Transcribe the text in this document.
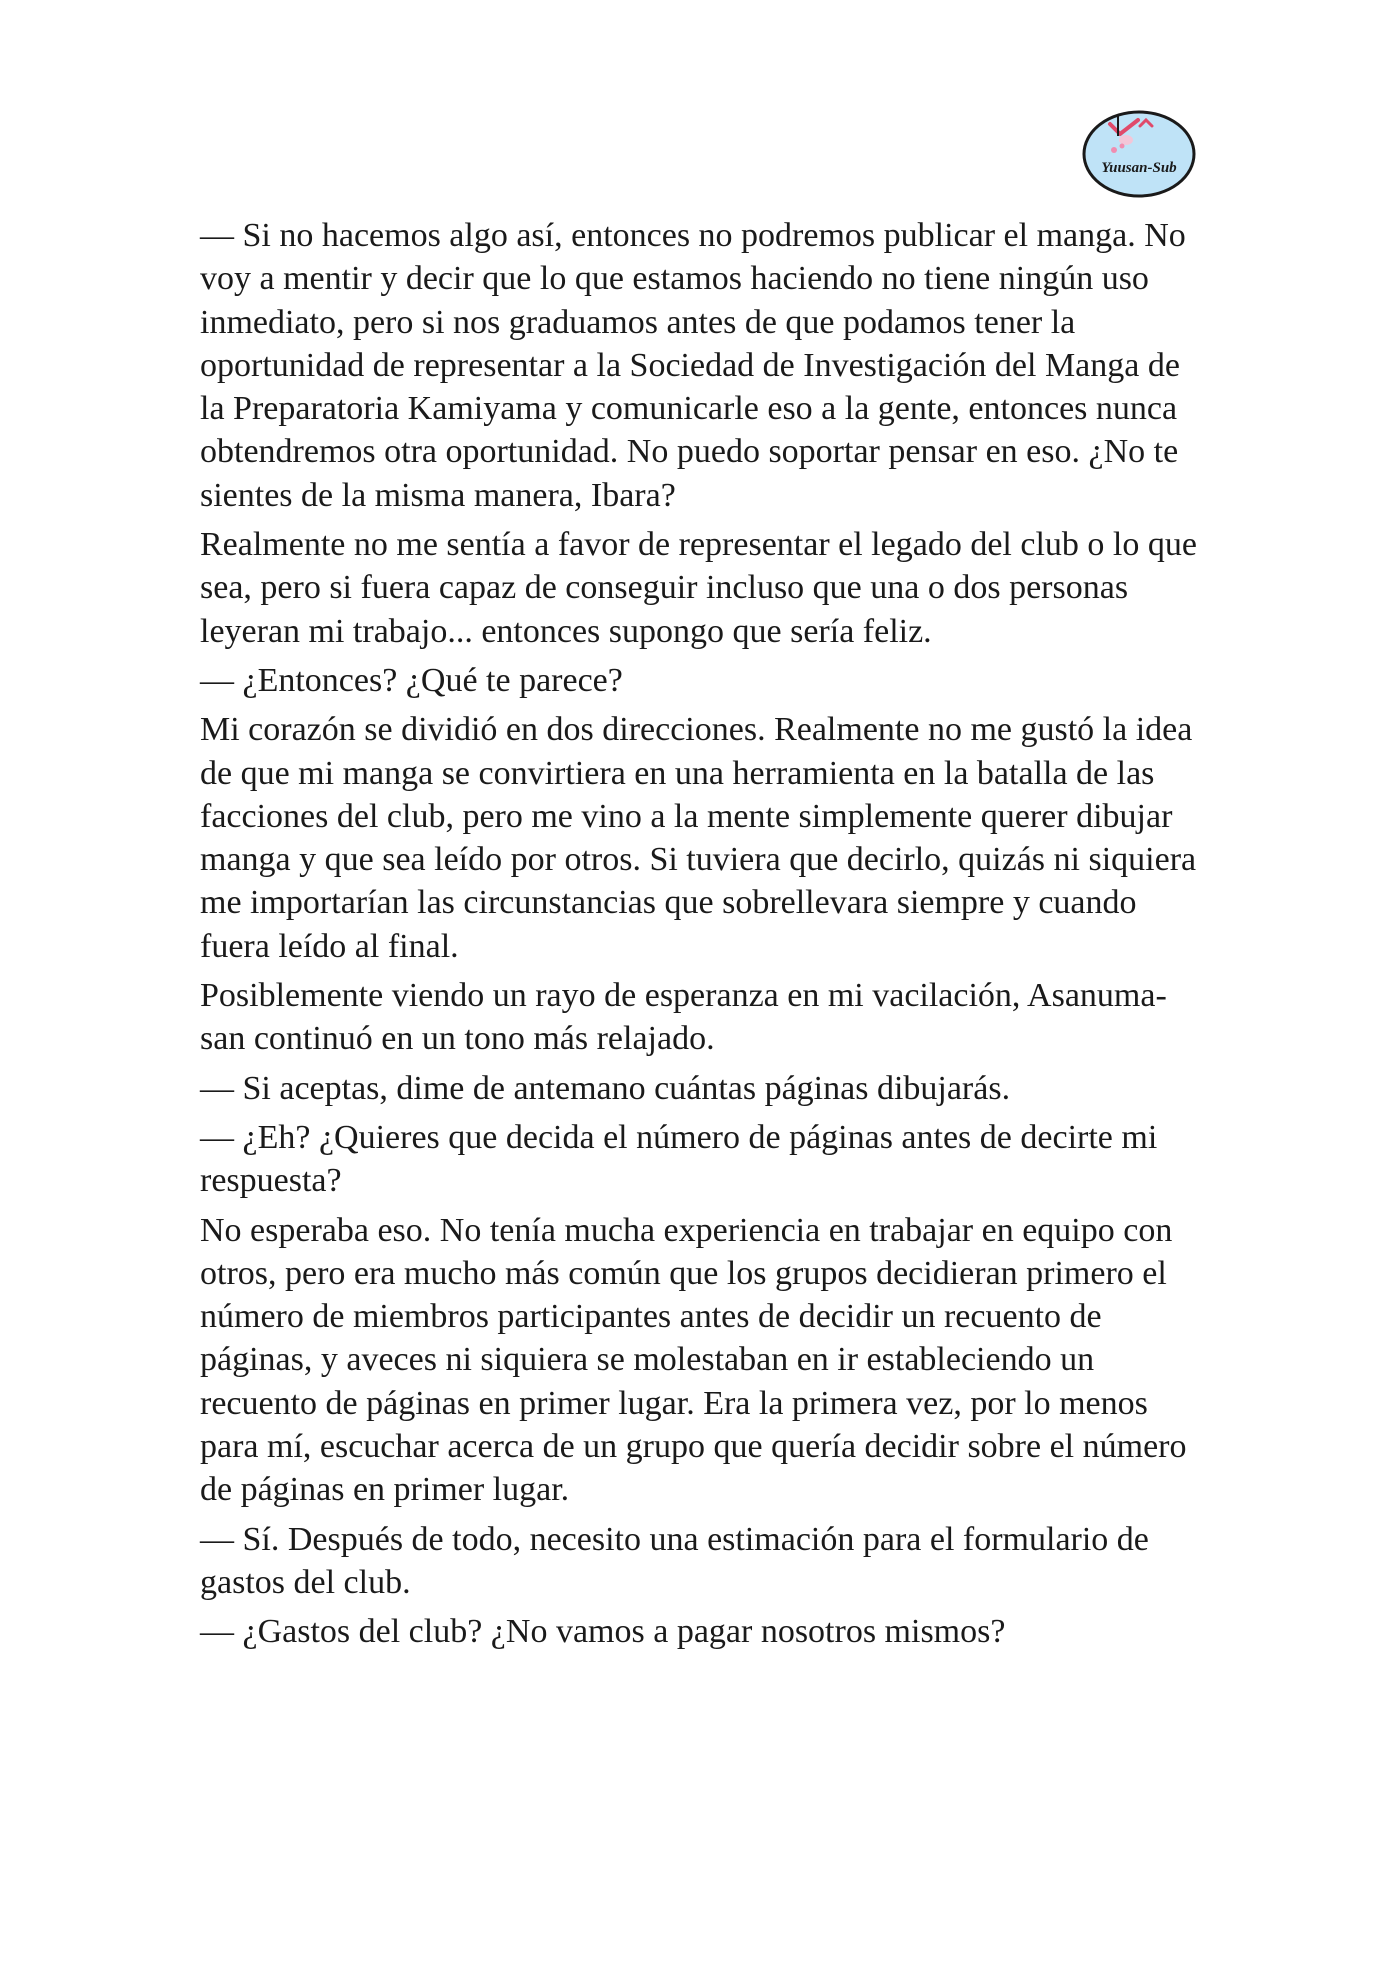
Yuusan-Sub

— Si no hacemos algo así, entonces no podremos publicar el manga. No voy a mentir y decir que lo que estamos haciendo no tiene ningún uso inmediato, pero si nos graduamos antes de que podamos tener la oportunidad de representar a la Sociedad de Investigación del Manga de la Preparatoria Kamiyama y comunicarle eso a la gente, entonces nunca obtendremos otra oportunidad. No puedo soportar pensar en eso. ¿No te sientes de la misma manera, Ibara?

Realmente no me sentía a favor de representar el legado del club o lo que sea, pero si fuera capaz de conseguir incluso que una o dos personas leyeran mi trabajo... entonces supongo que sería feliz.

— ¿Entonces? ¿Qué te parece?

Mi corazón se dividió en dos direcciones. Realmente no me gustó la idea de que mi manga se convirtiera en una herramienta en la batalla de las facciones del club, pero me vino a la mente simplemente querer dibujar manga y que sea leído por otros. Si tuviera que decirlo, quizás ni siquiera me importarían las circunstancias que sobrellevara siempre y cuando fuera leído al final.

Posiblemente viendo un rayo de esperanza en mi vacilación, Asanuma-san continuó en un tono más relajado.

— Si aceptas, dime de antemano cuántas páginas dibujarás.

— ¿Eh? ¿Quieres que decida el número de páginas antes de decirte mi respuesta?

No esperaba eso. No tenía mucha experiencia en trabajar en equipo con otros, pero era mucho más común que los grupos decidieran primero el número de miembros participantes antes de decidir un recuento de páginas, y aveces ni siquiera se molestaban en ir estableciendo un recuento de páginas en primer lugar. Era la primera vez, por lo menos para mí, escuchar acerca de un grupo que quería decidir sobre el número de páginas en primer lugar.

— Sí. Después de todo, necesito una estimación para el formulario de gastos del club.

— ¿Gastos del club? ¿No vamos a pagar nosotros mismos?
